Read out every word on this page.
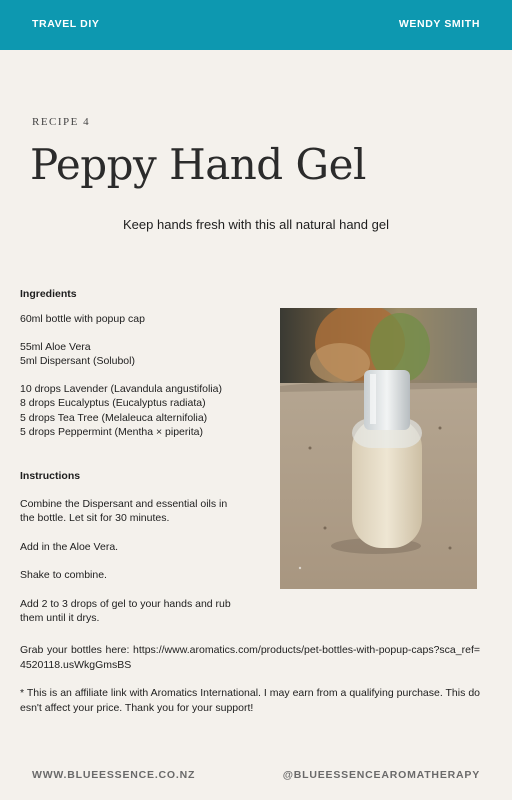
TRAVEL DIY	WENDY SMITH
RECIPE 4
Peppy Hand Gel
Keep hands fresh with this all natural hand gel
Ingredients
60ml bottle with popup cap
55ml Aloe Vera
5ml Dispersant (Solubol)
10 drops Lavender (Lavandula angustifolia)
8 drops Eucalyptus (Eucalyptus radiata)
5 drops Tea Tree (Melaleuca alternifolia)
5 drops Peppermint (Mentha × piperita)
Instructions
Combine the Dispersant and essential oils in
the bottle. Let sit for 30 minutes.
Add in the Aloe Vera.
Shake to combine.
Add 2 to 3 drops of gel to your hands and rub
them until it drys.
Grab your bottles here: https://www.aromatics.com/products/pet-bottles-with-popup-caps?sca_ref=4520118.usWkgGmsBS
* This is an affiliate link with Aromatics International. I may earn from a qualifying purchase. This doesn't affect your price. Thank you for your support!
WWW.BLUEESSENCE.CO.NZ	@BLUEESSENCEAROMATHERAPY
